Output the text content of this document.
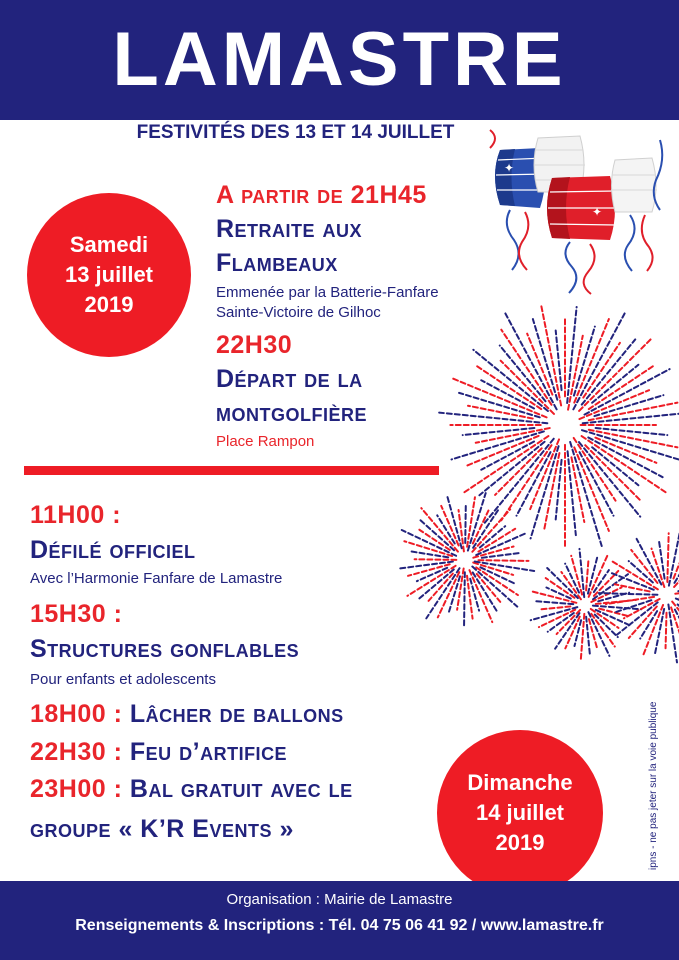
LAMASTRE
FESTIVITÉS DES 13 ET 14 JUILLET
✦
✦
Samedi
13 juillet
2019
A partir de 21H45
Retraite aux
Flambeaux
Emmenée par la Batterie-Fanfare
Sainte-Victoire de Gilhoc
22H30
Départ de la
montgolfière
Place Rampon
11H00 :
Défilé officiel
Avec l’Harmonie Fanfare de Lamastre
15H30 :
Structures gonflables
Pour enfants et adolescents
18H00 : Lâcher de ballons
22H30 : Feu d’artifice
23H00 : Bal gratuit avec le
groupe « K’R Events »
Dimanche
14 juillet
2019	ipns - ne pas jeter sur la voie publique
Organisation : Mairie de Lamastre
Renseignements & Inscriptions : Tél. 04 75 06 41 92 / www.lamastre.fr
